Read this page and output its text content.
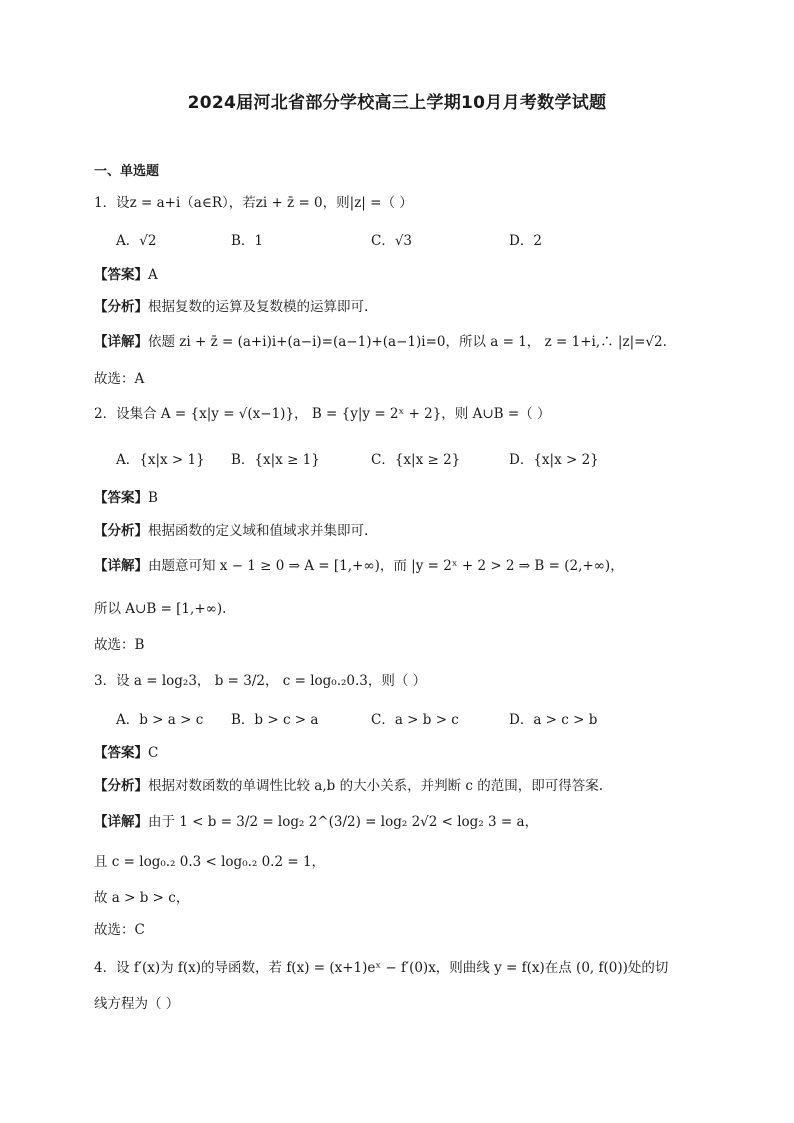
2024届河北省部分学校高三上学期10月月考数学试题
一、单选题
1．设z = a+i（a∈R），若zi + z̄ = 0，则|z| =（ ）
A．√2	B．1	C．√3	D．2
【答案】A
【分析】根据复数的运算及复数模的运算即可.
【详解】依题 zi + z̄ = (a+i)i+(a−i)=(a−1)+(a−1)i=0，所以 a = 1， z = 1+i,∴ |z|=√2.
故选：A
2．设集合 A = {x|y = √(x−1)}， B = {y|y = 2ˣ + 2}，则 A∪B =（ ）
A．{x|x > 1} B．{x|x ≥ 1}	C．{x|x ≥ 2}	D．{x|x > 2}
【答案】B
【分析】根据函数的定义域和值域求并集即可.
【详解】由题意可知 x − 1 ≥ 0 ⇒ A = [1,+∞)，而 |y = 2ˣ + 2 > 2 ⇒ B = (2,+∞)，
所以 A∪B = [1,+∞).
故选：B
3．设 a = log₂3， b = 3/2， c = log₀.₂0.3，则（ ）
A．b > a > c B．b > c > a	C．a > b > c	D．a > c > b
【答案】C
【分析】根据对数函数的单调性比较 a,b 的大小关系，并判断 c 的范围，即可得答案.
【详解】由于 1 < b = 3/2 = log₂ 2^(3/2) = log₂ 2√2 < log₂ 3 = a，
且 c = log₀.₂ 0.3 < log₀.₂ 0.2 = 1，
故 a > b > c，
故选：C
4．设 f′(x)为 f(x)的导函数，若 f(x) = (x+1)eˣ − f′(0)x，则曲线 y = f(x)在点 (0, f(0))处的切
线方程为（ ）
